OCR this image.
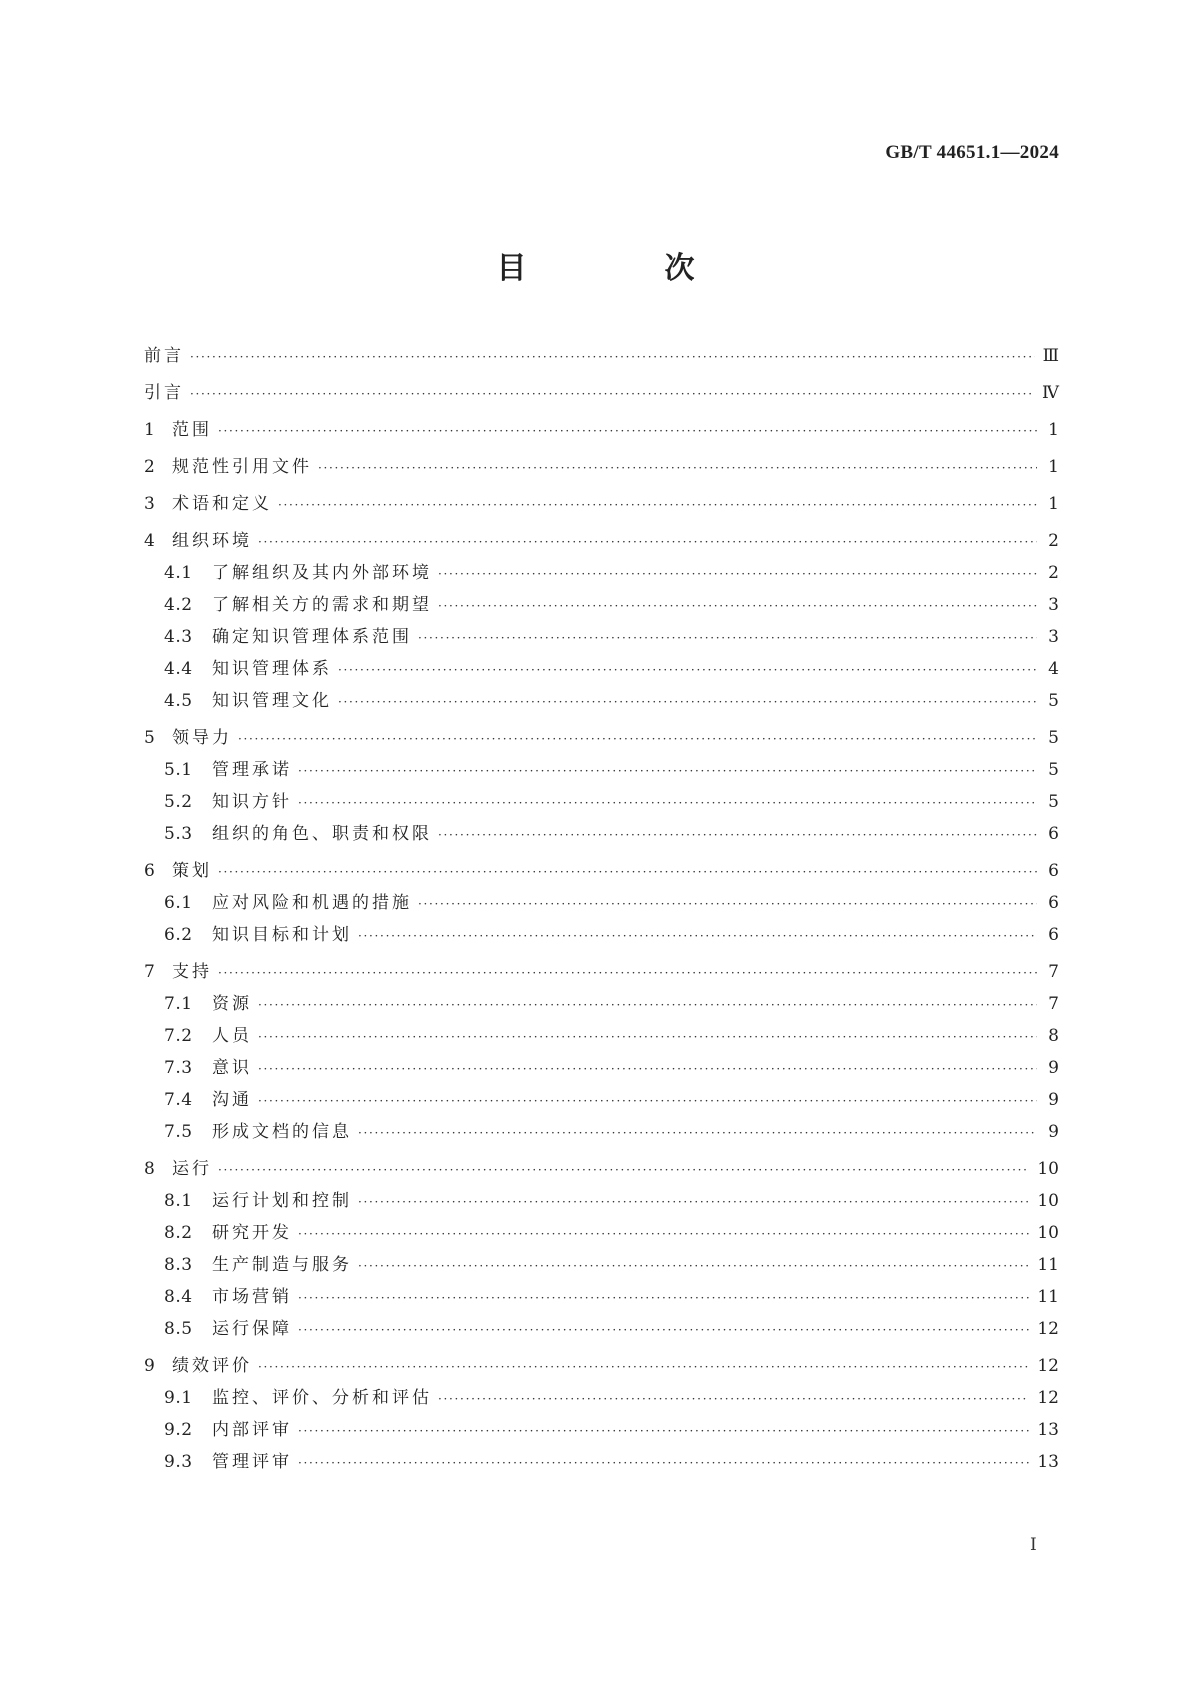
GB/T 44651.1—2024
目　次
前言 ·····	Ⅲ
引言 ·····	Ⅳ
1 范围 ·····	1
2 规范性引用文件 ·····	1
3 术语和定义 ·····	1
4 组织环境 ·····	2
4.1	了解组织及其内外部环境 ·····	2
4.2	了解相关方的需求和期望 ·····	3
4.3	确定知识管理体系范围 ·····	3
4.4	知识管理体系 ·····	4
4.5	知识管理文化 ·····	5
5 领导力 ·····	5
5.1	管理承诺 ·····	5
5.2	知识方针 ·····	5
5.3	组织的角色、职责和权限 ·····	6
6 策划 ·····	6
6.1	应对风险和机遇的措施 ·····	6
6.2	知识目标和计划 ·····	6
7 支持 ·····	7
7.1	资源 ·····	7
7.2	人员 ·····	8
7.3	意识 ·····	9
7.4	沟通 ·····	9
7.5	形成文档的信息 ·····	9
8 运行 ·····	10
8.1	运行计划和控制 ·····	10
8.2	研究开发 ·····	10
8.3	生产制造与服务 ·····	11
8.4	市场营销 ·····	11
8.5	运行保障 ·····	12
9 绩效评价 ·····	12
9.1	监控、评价、分析和评估 ·····	12
9.2	内部评审 ·····	13
9.3	管理评审 ·····	13
Ⅰ
